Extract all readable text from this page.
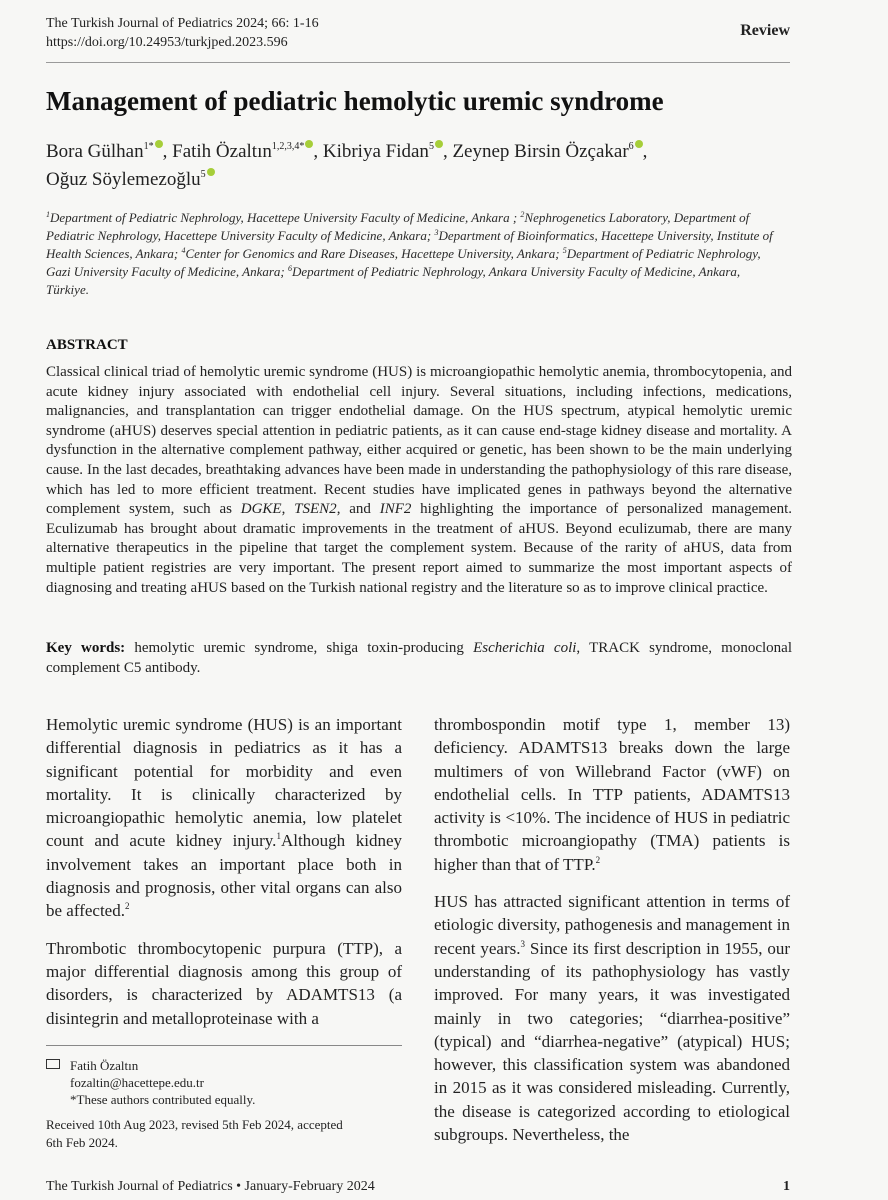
The Turkish Journal of Pediatrics 2024; 66: 1-16
https://doi.org/10.24953/turkjped.2023.596
Review
Management of pediatric hemolytic uremic syndrome
Bora Gülhan$^{1*}$ , Fatih Özaltın$^{1,2,3,4*}$ , Kibriya Fidan$^5$ , Zeynep Birsin Özçakar$^6$ ,
Oğuz Söylemezoğlu$^5$
$^1$Department of Pediatric Nephrology, Hacettepe University Faculty of Medicine, Ankara ; $^2$Nephrogenetics Laboratory, Department of Pediatric Nephrology, Hacettepe University Faculty of Medicine, Ankara; $^3$Department of Bioinformatics, Hacettepe University, Institute of Health Sciences, Ankara; $^4$Center for Genomics and Rare Diseases, Hacettepe University, Ankara; $^5$Department of Pediatric Nephrology, Gazi University Faculty of Medicine, Ankara; $^6$Department of Pediatric Nephrology, Ankara University Faculty of Medicine, Ankara, Türkiye.
ABSTRACT
Classical clinical triad of hemolytic uremic syndrome (HUS) is microangiopathic hemolytic anemia, thrombocytopenia, and acute kidney injury associated with endothelial cell injury. Several situations, including infections, medications, malignancies, and transplantation can trigger endothelial damage. On the HUS spectrum, atypical hemolytic uremic syndrome (aHUS) deserves special attention in pediatric patients, as it can cause end-stage kidney disease and mortality. A dysfunction in the alternative complement pathway, either acquired or genetic, has been shown to be the main underlying cause. In the last decades, breathtaking advances have been made in understanding the pathophysiology of this rare disease, which has led to more efficient treatment. Recent studies have implicated genes in pathways beyond the alternative complement system, such as DGKE, TSEN2, and INF2 highlighting the importance of personalized management. Eculizumab has brought about dramatic improvements in the treatment of aHUS. Beyond eculizumab, there are many alternative therapeutics in the pipeline that target the complement system. Because of the rarity of aHUS, data from multiple patient registries are very important. The present report aimed to summarize the most important aspects of diagnosing and treating aHUS based on the Turkish national registry and the literature so as to improve clinical practice.
Key words: hemolytic uremic syndrome, shiga toxin-producing Escherichia coli, TRACK syndrome, monoclonal complement C5 antibody.

Hemolytic uremic syndrome (HUS) is an important differential diagnosis in pediatrics as it has a significant potential for morbidity and even mortality. It is clinically characterized by microangiopathic hemolytic anemia, low platelet count and acute kidney injury.$^1$Although kidney involvement takes an important place both in diagnosis and prognosis, other vital organs can also be affected.$^2$

Thrombotic thrombocytopenic purpura (TTP), a major differential diagnosis among this group of disorders, is characterized by ADAMTS13 (a disintegrin and metalloproteinase with a

thrombospondin motif type 1, member 13) deficiency. ADAMTS13 breaks down the large multimers of von Willebrand Factor (vWF) on endothelial cells. In TTP patients, ADAMTS13 activity is <10%. The incidence of HUS in pediatric thrombotic microangiopathy (TMA) patients is higher than that of TTP.$^2$

HUS has attracted significant attention in terms of etiologic diversity, pathogenesis and management in recent years.$^3$ Since its first description in 1955, our understanding of its pathophysiology has vastly improved. For many years, it was investigated mainly in two categories; “diarrhea-positive” (typical) and “diarrhea-negative” (atypical) HUS; however, this classification system was abandoned in 2015 as it was considered misleading. Currently, the disease is categorized according to etiological subgroups. Nevertheless, the

Fatih Özaltın
fozaltin@hacettepe.edu.tr
*These authors contributed equally.
Received 10th Aug 2023, revised 5th Feb 2024, accepted 6th Feb 2024.
The Turkish Journal of Pediatrics • January-February 2024	1
